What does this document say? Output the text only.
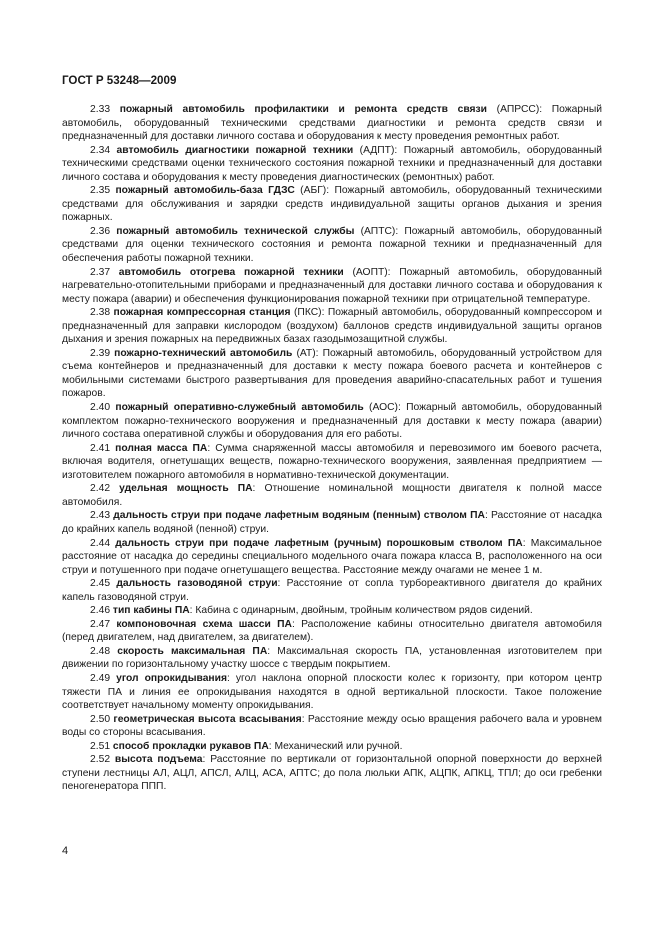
ГОСТ Р 53248—2009

2.33 пожарный автомобиль профилактики и ремонта средств связи (АПРСС): Пожарный автомобиль, оборудованный техническими средствами диагностики и ремонта средств связи и предназначенный для доставки личного состава и оборудования к месту проведения ремонтных работ.

2.34 автомобиль диагностики пожарной техники (АДПТ): Пожарный автомобиль, оборудованный техническими средствами оценки технического состояния пожарной техники и предназначенный для доставки личного состава и оборудования к месту проведения диагностических (ремонтных) работ.

2.35 пожарный автомобиль-база ГДЗС (АБГ): Пожарный автомобиль, оборудованный техническими средствами для обслуживания и зарядки средств индивидуальной защиты органов дыхания и зрения пожарных.

2.36 пожарный автомобиль технической службы (АПТС): Пожарный автомобиль, оборудованный средствами для оценки технического состояния и ремонта пожарной техники и предназначенный для обеспечения работы пожарной техники.

2.37 автомобиль отогрева пожарной техники (АОПТ): Пожарный автомобиль, оборудованный нагревательно-отопительными приборами и предназначенный для доставки личного состава и оборудования к месту пожара (аварии) и обеспечения функционирования пожарной техники при отрицательной температуре.

2.38 пожарная компрессорная станция (ПКС): Пожарный автомобиль, оборудованный компрессором и предназначенный для заправки кислородом (воздухом) баллонов средств индивидуальной защиты органов дыхания и зрения пожарных на передвижных базах газодымозащитной службы.

2.39 пожарно-технический автомобиль (АТ): Пожарный автомобиль, оборудованный устройством для съема контейнеров и предназначенный для доставки к месту пожара боевого расчета и контейнеров с мобильными системами быстрого развертывания для проведения аварийно-спасательных работ и тушения пожаров.

2.40 пожарный оперативно-служебный автомобиль (АОС): Пожарный автомобиль, оборудованный комплектом пожарно-технического вооружения и предназначенный для доставки к месту пожара (аварии) личного состава оперативной службы и оборудования для его работы.

2.41 полная масса ПА: Сумма снаряженной массы автомобиля и перевозимого им боевого расчета, включая водителя, огнетушащих веществ, пожарно-технического вооружения, заявленная предприятием — изготовителем пожарного автомобиля в нормативно-технической документации.

2.42 удельная мощность ПА: Отношение номинальной мощности двигателя к полной массе автомобиля.

2.43 дальность струи при подаче лафетным водяным (пенным) стволом ПА: Расстояние от насадка до крайних капель водяной (пенной) струи.

2.44 дальность струи при подаче лафетным (ручным) порошковым стволом ПА: Максимальное расстояние от насадка до середины специального модельного очага пожара класса В, расположенного на оси струи и потушенного при подаче огнетушащего вещества. Расстояние между очагами не менее 1 м.

2.45 дальность газоводяной струи: Расстояние от сопла турбореактивного двигателя до крайних капель газоводяной струи.

2.46 тип кабины ПА: Кабина с одинарным, двойным, тройным количеством рядов сидений.

2.47 компоновочная схема шасси ПА: Расположение кабины относительно двигателя автомобиля (перед двигателем, над двигателем, за двигателем).

2.48 скорость максимальная ПА: Максимальная скорость ПА, установленная изготовителем при движении по горизонтальному участку шоссе с твердым покрытием.

2.49 угол опрокидывания: угол наклона опорной плоскости колес к горизонту, при котором центр тяжести ПА и линия ее опрокидывания находятся в одной вертикальной плоскости. Такое положение соответствует начальному моменту опрокидывания.

2.50 геометрическая высота всасывания: Расстояние между осью вращения рабочего вала и уровнем воды со стороны всасывания.

2.51 способ прокладки рукавов ПА: Механический или ручной.

2.52 высота подъема: Расстояние по вертикали от горизонтальной опорной поверхности до верхней ступени лестницы АЛ, АЦЛ, АПСЛ, АЛЦ, АСА, АПТС; до пола люльки АПК, АЦПК, АПКЦ, ТПЛ; до оси гребенки пеногенератора ППП.

4
